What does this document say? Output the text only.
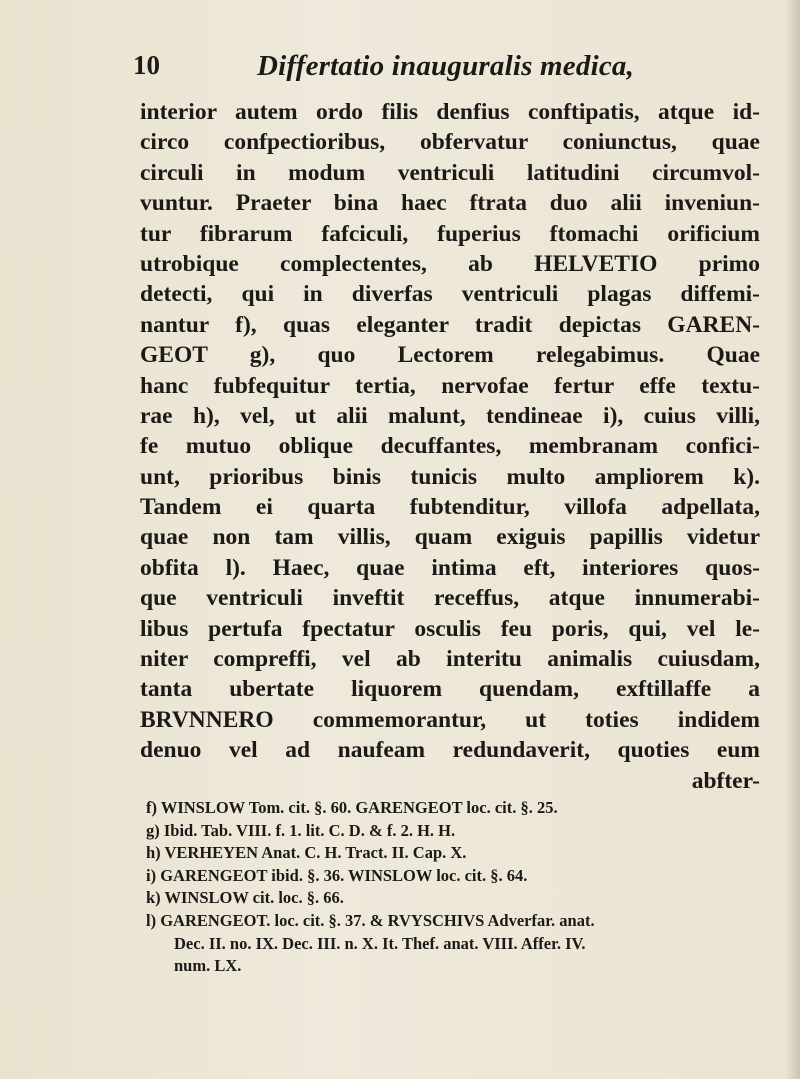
10	Differtatio inauguralis medica,
interior autem ordo filis denfius conftipatis, atque id-
circo confpectioribus, obfervatur coniunctus, quae
circuli in modum ventriculi latitudini circumvol-
vuntur. Praeter bina haec ftrata duo alii inveniun-
tur fibrarum fafciculi, fuperius ftomachi orificium
utrobique complectentes, ab HELVETIO primo
detecti, qui in diverfas ventriculi plagas diffemi-
nantur f), quas eleganter tradit depictas GAREN-
GEOT g), quo Lectorem relegabimus. Quae
hanc fubfequitur tertia, nervofae fertur effe textu-
rae h), vel, ut alii malunt, tendineae i), cuius villi,
fe mutuo oblique decuffantes, membranam confici-
unt, prioribus binis tunicis multo ampliorem k).
Tandem ei quarta fubtenditur, villofa adpellata,
quae non tam villis, quam exiguis papillis videtur
obfita l). Haec, quae intima eft, interiores quos-
que ventriculi inveftit receffus, atque innumerabi-
libus pertufa fpectatur osculis feu poris, qui, vel le-
niter compreffi, vel ab interitu animalis cuiusdam,
tanta ubertate liquorem quendam, exftillaffe a
BRVNNERO commemorantur, ut toties indidem
denuo vel ad naufeam redundaverit, quoties eum
abfter-
f) WINSLOW Tom. cit. §. 60. GARENGEOT loc. cit. §. 25.
g) Ibid. Tab. VIII. f. 1. lit. C. D. & f. 2. H. H.
h) VERHEYEN Anat. C. H. Tract. II. Cap. X.
i) GARENGEOT ibid. §. 36. WINSLOW loc. cit. §. 64.
k) WINSLOW cit. loc. §. 66.
l) GARENGEOT. loc. cit. §. 37. & RVYSCHIVS Adverfar. anat.
Dec. II. no. IX. Dec. III. n. X. It. Thef. anat. VIII. Affer. IV.
num. LX.
